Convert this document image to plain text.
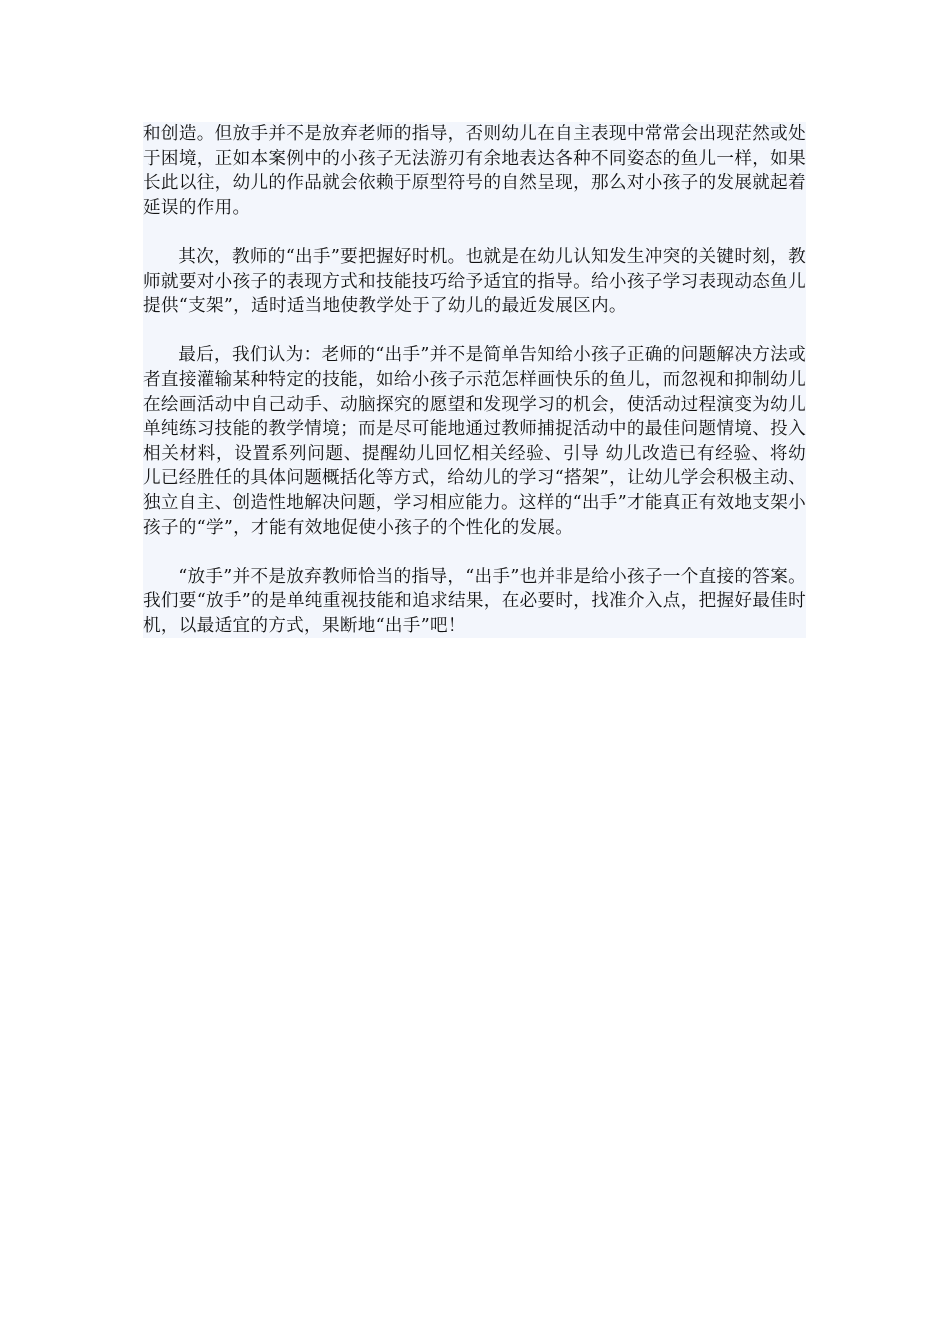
和创造。但放手并不是放弃老师的指导，否则幼儿在自主表现中常常会出现茫然或处于困境，正如本案例中的小孩子无法游刃有余地表达各种不同姿态的鱼儿一样，如果长此以往，幼儿的作品就会依赖于原型符号的自然呈现，那么对小孩子的发展就起着延误的作用。

其次，教师的“出手”要把握好时机。也就是在幼儿认知发生冲突的关键时刻，教师就要对小孩子的表现方式和技能技巧给予适宜的指导。给小孩子学习表现动态鱼儿提供“支架”，适时适当地使教学处于了幼儿的最近发展区内。

最后，我们认为：老师的“出手”并不是简单告知给小孩子正确的问题解决方法或者直接灌输某种特定的技能，如给小孩子示范怎样画快乐的鱼儿，而忽视和抑制幼儿在绘画活动中自己动手、动脑探究的愿望和发现学习的机会，使活动过程演变为幼儿单纯练习技能的教学情境；而是尽可能地通过教师捕捉活动中的最佳问题情境、投入相关材料，设置系列问题、提醒幼儿回忆相关经验、引导 幼儿改造已有经验、将幼儿已经胜任的具体问题概括化等方式，给幼儿的学习“搭架”，让幼儿学会积极主动、独立自主、创造性地解决问题，学习相应能力。这样的“出手”才能真正有效地支架小孩子的“学”，才能有效地促使小孩子的个性化的发展。

“放手”并不是放弃教师恰当的指导，“出手”也并非是给小孩子一个直接的答案。我们要“放手”的是单纯重视技能和追求结果，在必要时，找准介入点，把握好最佳时机，以最适宜的方式，果断地“出手”吧！
